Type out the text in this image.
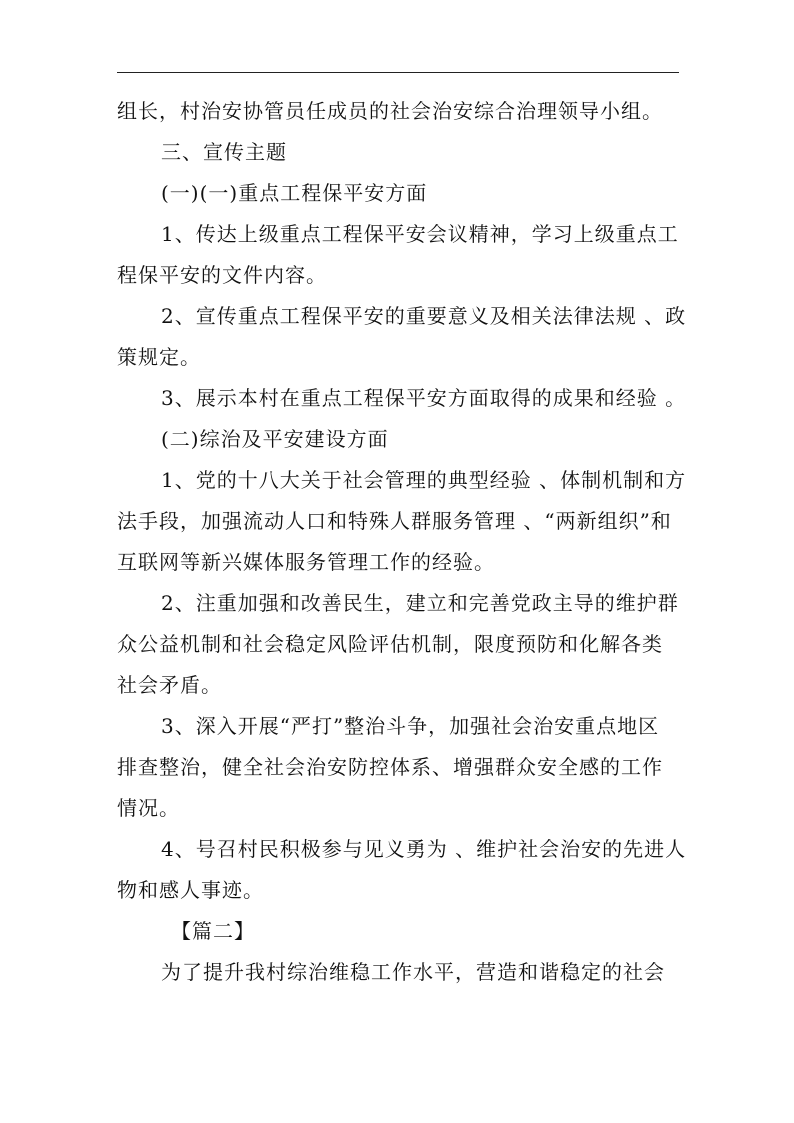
组长，村治安协管员任成员的社会治安综合治理领导小组。
三、宣传主题
(一)(一)重点工程保平安方面
1、传达上级重点工程保平安会议精神，学习上级重点工
程保平安的文件内容。
2、宣传重点工程保平安的重要意义及相关法律法规 、政
策规定。
3、展示本村在重点工程保平安方面取得的成果和经验 。
(二)综治及平安建设方面
1、党的十八大关于社会管理的典型经验 、体制机制和方
法手段，加强流动人口和特殊人群服务管理 、“两新组织”和
互联网等新兴媒体服务管理工作的经验。
2、注重加强和改善民生，建立和完善党政主导的维护群
众公益机制和社会稳定风险评估机制，限度预防和化解各类
社会矛盾。
3、深入开展“严打”整治斗争，加强社会治安重点地区
排查整治，健全社会治安防控体系、增强群众安全感的工作
情况。
4、号召村民积极参与见义勇为 、维护社会治安的先进人
物和感人事迹。
【篇二】
为了提升我村综治维稳工作水平，营造和谐稳定的社会
